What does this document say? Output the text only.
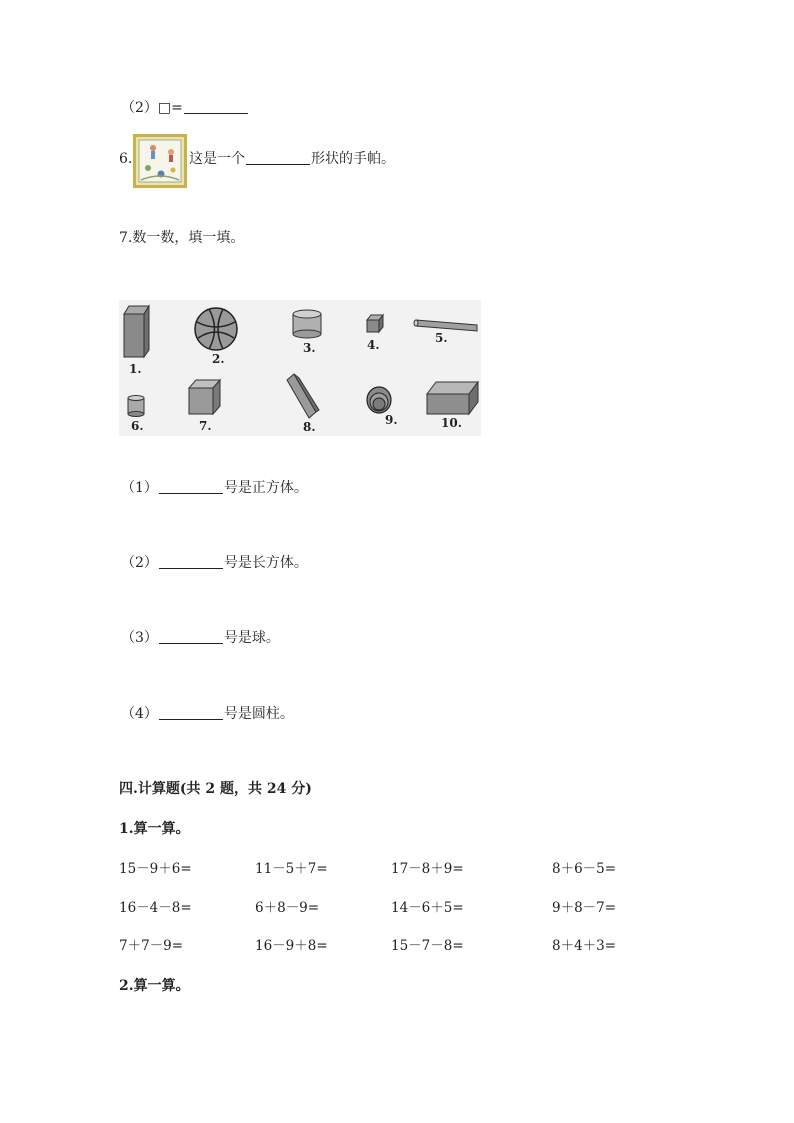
（2）□=
6.	这是一个	形状的手帕。
7.数一数，填一填。
1.
2.
3.	4.	5.
6.	7.	8.	9.	10.
（1）	号是正方体。
（2）	号是长方体。
（3）	号是球。
（4）	号是圆柱。
四.计算题(共 2 题，共 24 分)
1.算一算。
15－9＋6=	11－5＋7=	17－8＋9=	8＋6－5=
16－4－8=	6＋8－9=	14－6＋5=	9＋8－7=
7＋7－9=	16－9＋8=	15－7－8=	8＋4＋3=
2.算一算。
